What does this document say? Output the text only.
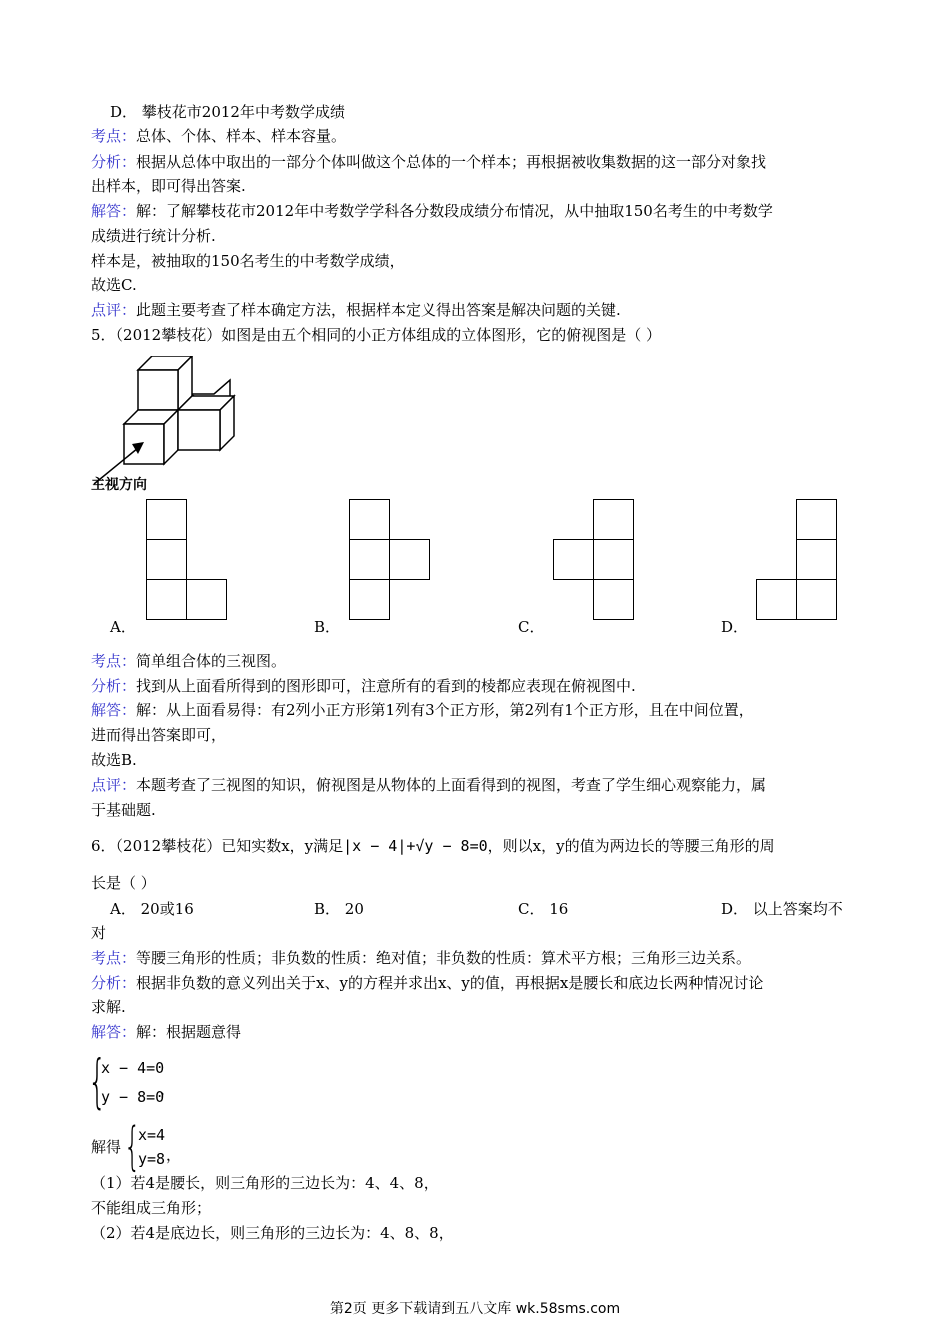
D． 攀枝花市2012年中考数学成绩
考点：总体、个体、样本、样本容量。
分析：根据从总体中取出的一部分个体叫做这个总体的一个样本；再根据被收集数据的这一部分对象找
出样本，即可得出答案.
解答：解：了解攀枝花市2012年中考数学学科各分数段成绩分布情况，从中抽取150名考生的中考数学
成绩进行统计分析.
样本是，被抽取的150名考生的中考数学成绩，
故选C.
点评：此题主要考查了样本确定方法，根据样本定义得出答案是解决问题的关键.
5．（2012攀枝花）如图是由五个相同的小正方体组成的立体图形，它的俯视图是（ ）
主视方向
A．	B．	C．	D．
考点：简单组合体的三视图。
分析：找到从上面看所得到的图形即可，注意所有的看到的棱都应表现在俯视图中.
解答：解：从上面看易得：有2列小正方形第1列有3个正方形，第2列有1个正方形，且在中间位置，
进而得出答案即可，
故选B.
点评：本题考查了三视图的知识，俯视图是从物体的上面看得到的视图，考查了学生细心观察能力，属
于基础题.
6．（2012攀枝花）已知实数x，y满足|x − 4|+√y − 8=0，则以x，y的值为两边长的等腰三角形的周
长是（ ）
A． 20或16	B． 20	C． 16	D． 以上答案均不
对
考点：等腰三角形的性质；非负数的性质：绝对值；非负数的性质：算术平方根；三角形三边关系。
分析：根据非负数的意义列出关于x、y的方程并求出x、y的值，再根据x是腰长和底边长两种情况讨论
求解.
解答：解：根据题意得
{
x − 4=0
y − 8=0
，
解得 {
x=4
y=8 ，
（1）若4是腰长，则三角形的三边长为：4、4、8，
不能组成三角形；
（2）若4是底边长，则三角形的三边长为：4、8、8，
第2页 更多下载请到五八文库 wk.58sms.com
